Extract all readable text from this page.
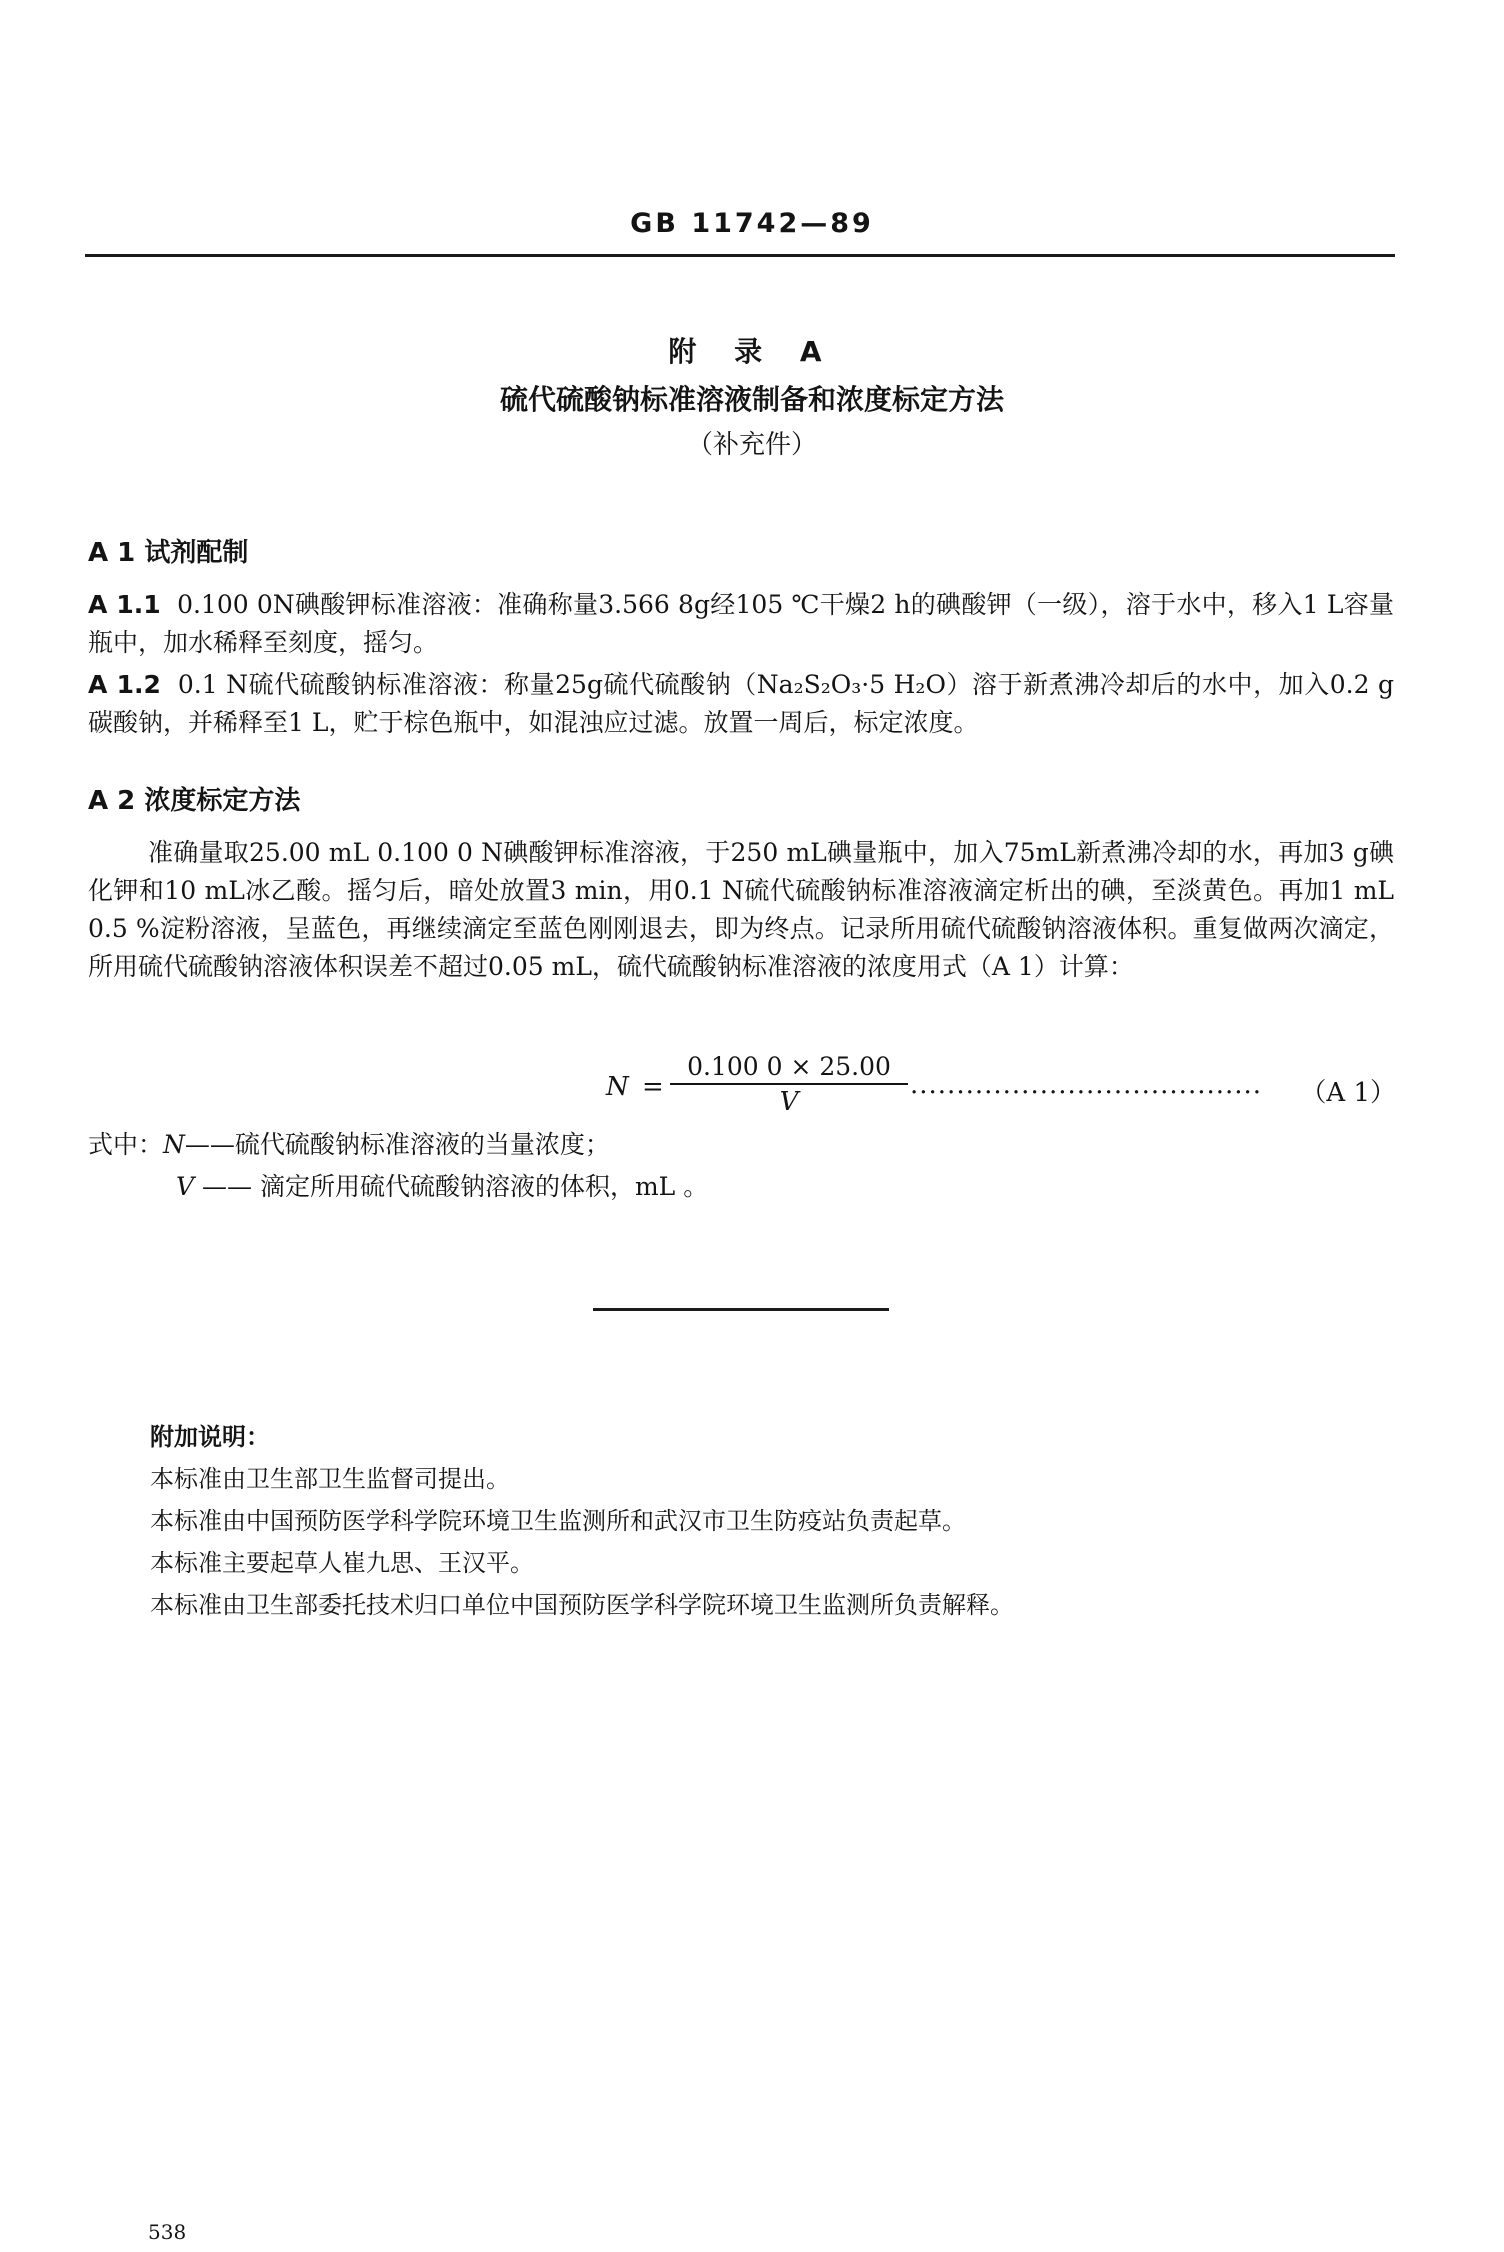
GB 11742—89
附 录 A
硫代硫酸钠标准溶液制备和浓度标定方法
（补充件）
A 1 试剂配制
A 1.1 0.100 0N碘酸钾标准溶液：准确称量3.566 8g经105 ℃干燥2 h的碘酸钾（一级），溶于水中，移入1 L容量瓶中，加水稀释至刻度，摇匀。
A 1.2 0.1 N硫代硫酸钠标准溶液：称量25g硫代硫酸钠（Na₂S₂O₃·5 H₂O）溶于新煮沸冷却后的水中，加入0.2 g碳酸钠，并稀释至1 L，贮于棕色瓶中，如混浊应过滤。放置一周后，标定浓度。
A 2 浓度标定方法
准确量取25.00 mL 0.100 0 N碘酸钾标准溶液，于250 mL碘量瓶中，加入75mL新煮沸冷却的水，再加3 g碘化钾和10 mL冰乙酸。摇匀后，暗处放置3 min，用0.1 N硫代硫酸钠标准溶液滴定析出的碘，至淡黄色。再加1 mL 0.5 %淀粉溶液，呈蓝色，再继续滴定至蓝色刚刚退去，即为终点。记录所用硫代硫酸钠溶液体积。重复做两次滴定，所用硫代硫酸钠溶液体积误差不超过0.05 mL，硫代硫酸钠标准溶液的浓度用式（A 1）计算：
$N = \frac{0.100 0 \times 25.00}{V}$ ...................................... （A 1）
式中：N——硫代硫酸钠标准溶液的当量浓度；
V —— 滴定所用硫代硫酸钠溶液的体积，mL 。
附加说明：
本标准由卫生部卫生监督司提出。
本标准由中国预防医学科学院环境卫生监测所和武汉市卫生防疫站负责起草。
本标准主要起草人崔九思、王汉平。
本标准由卫生部委托技术归口单位中国预防医学科学院环境卫生监测所负责解释。
538
